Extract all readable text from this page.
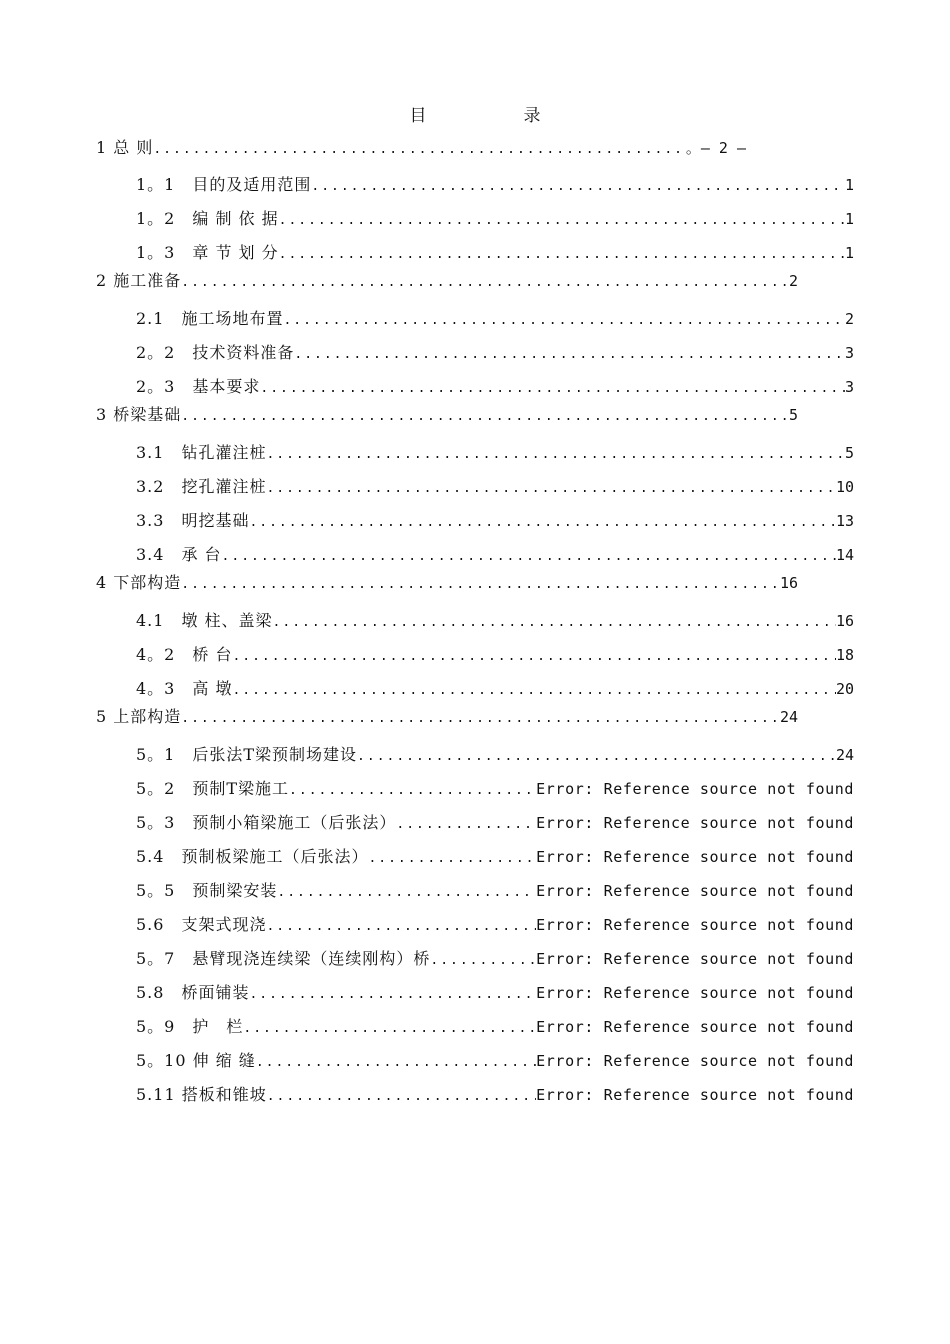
目　录
1 总 则 .....	。— 2 —
1。1　目的及适用范围 .....	1
1。2　编 制 依 据 .....	1
1。3　章 节 划 分 .....	1
2 施工准备 .....	2
2.1　施工场地布置 .....	2
2。2　技术资料准备 .....	3
2。3　基本要求 .....	3
3 桥梁基础 .....	5
3.1　钻孔灌注桩 .....	5
3.2　挖孔灌注桩 .....	10
3.3　明挖基础 .....	13
3.4　承 台 .....	14
4 下部构造 .....	16
4.1　墩 柱、盖梁 .....	16
4。2　桥 台 .....	18
4。3　高 墩 .....	20
5 上部构造 .....	24
5。1　后张法T梁预制场建设 .....	24
5。2　预制T梁施工 .....	Error: Reference source not found
5。3　预制小箱梁施工（后张法） .....	Error: Reference source not found
5.4　预制板梁施工（后张法） .....	Error: Reference source not found
5。5　预制梁安装 .....	Error: Reference source not found
5.6　支架式现浇 .....	Error: Reference source not found
5。7　悬臂现浇连续梁（连续刚构）桥 .....	Error: Reference source not found
5.8　桥面铺装 .....	Error: Reference source not found
5。9　护　栏 .....	Error: Reference source not found
5。10 伸 缩 缝 .....	Error: Reference source not found
5.11 搭板和锥坡 .....	Error: Reference source not found
